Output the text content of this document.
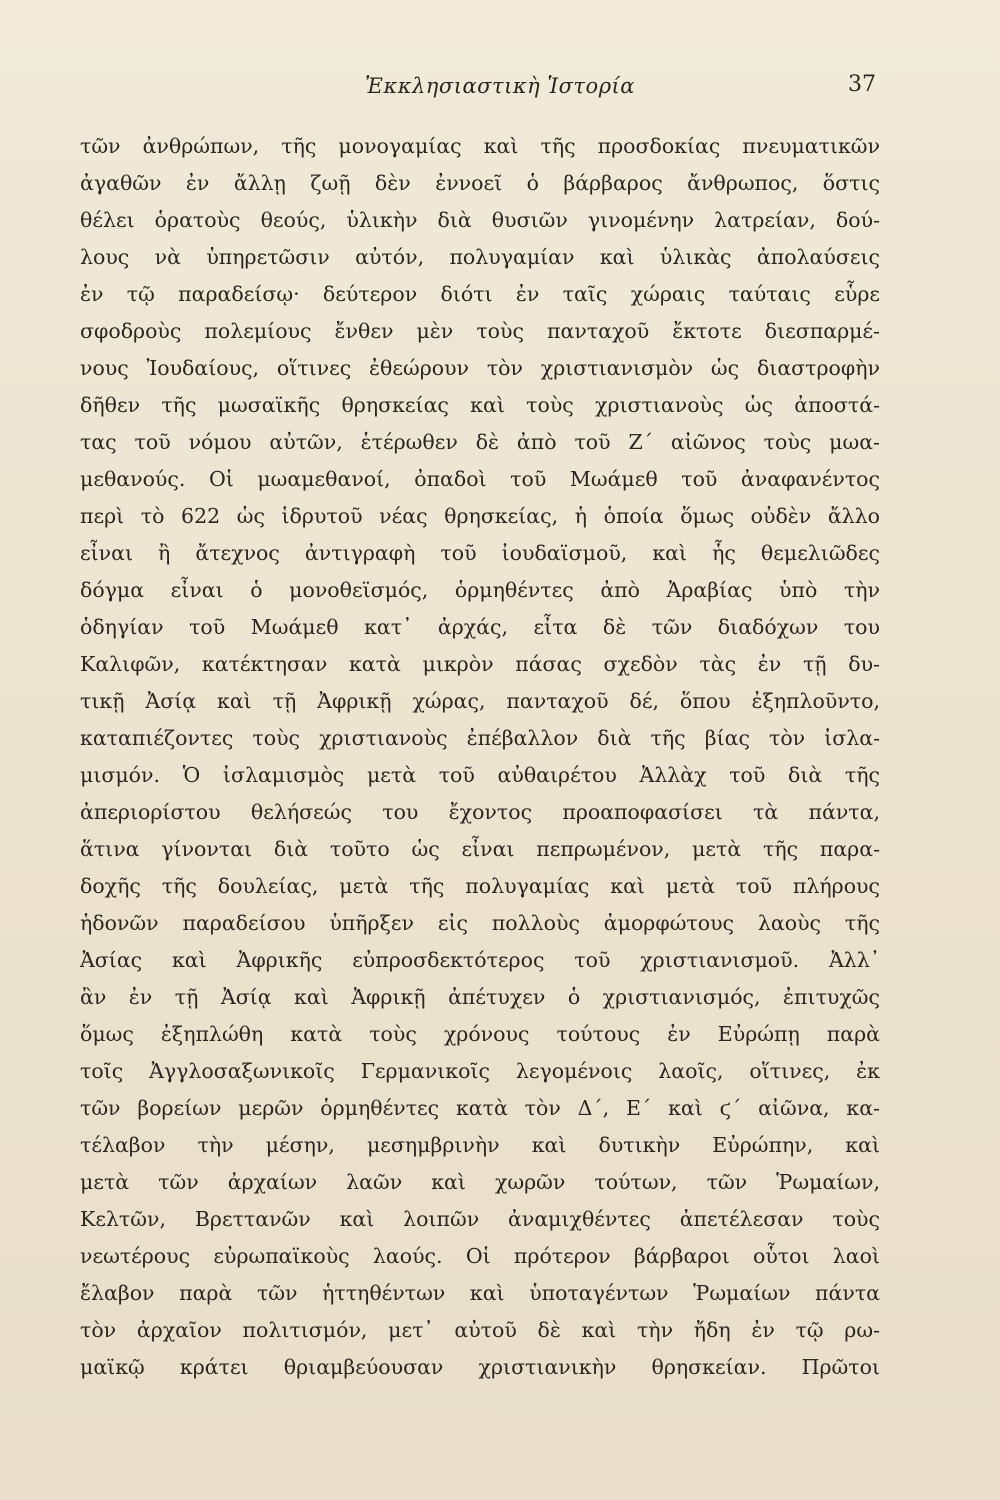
Ἐκκλησιαστικὴ Ἱστορία	37
τῶν ἀνθρώπων, τῆς μονογαμίας καὶ τῆς προσδοκίας πνευματικῶν
ἀγαθῶν ἐν ἄλλῃ ζωῇ δὲν ἐννοεῖ ὁ βάρβαρος ἄνθρωπος, ὅστις
θέλει ὁρατοὺς θεούς, ὑλικὴν διὰ θυσιῶν γινομένην λατρείαν, δού-
λους νὰ ὑπηρετῶσιν αὐτόν, πολυγαμίαν καὶ ὑλικὰς ἀπολαύσεις
ἐν τῷ παραδείσῳ· δεύτερον διότι ἐν ταῖς χώραις ταύταις εὗρε
σφοδροὺς πολεμίους ἔνθεν μὲν τοὺς πανταχοῦ ἔκτοτε διεσπαρμέ-
νους Ἰουδαίους, οἵτινες ἐθεώρουν τὸν χριστιανισμὸν ὡς διαστροφὴν
δῆθεν τῆς μωσαϊκῆς θρησκείας καὶ τοὺς χριστιανοὺς ὡς ἀποστά-
τας τοῦ νόμου αὐτῶν, ἑτέρωθεν δὲ ἀπὸ τοῦ Ζ΄ αἰῶνος τοὺς μωα-
μεθανούς. Οἱ μωαμεθανοί, ὀπαδοὶ τοῦ Μωάμεθ τοῦ ἀναφανέντος
περὶ τὸ 622 ὡς ἱδρυτοῦ νέας θρησκείας, ἡ ὁποία ὅμως οὐδὲν ἄλλο
εἶναι ἢ ἄτεχνος ἀντιγραφὴ τοῦ ἰουδαϊσμοῦ, καὶ ἧς θεμελιῶδες
δόγμα εἶναι ὁ μονοθεϊσμός, ὁρμηθέντες ἀπὸ Ἀραβίας ὑπὸ τὴν
ὁδηγίαν τοῦ Μωάμεθ κατ᾿ ἀρχάς, εἶτα δὲ τῶν διαδόχων του
Καλιφῶν, κατέκτησαν κατὰ μικρὸν πάσας σχεδὸν τὰς ἐν τῇ δυ-
τικῇ Ἀσίᾳ καὶ τῇ Ἀφρικῇ χώρας, πανταχοῦ δέ, ὅπου ἐξηπλοῦντο,
καταπιέζοντες τοὺς χριστιανοὺς ἐπέβαλλον διὰ τῆς βίας τὸν ἰσλα-
μισμόν. Ὁ ἰσλαμισμὸς μετὰ τοῦ αὐθαιρέτου Ἀλλὰχ τοῦ διὰ τῆς
ἀπεριορίστου θελήσεώς του ἔχοντος προαποφασίσει τὰ πάντα,
ἅτινα γίνονται διὰ τοῦτο ὡς εἶναι πεπρωμένον, μετὰ τῆς παρα-
δοχῆς τῆς δουλείας, μετὰ τῆς πολυγαμίας καὶ μετὰ τοῦ πλήρους
ἡδονῶν παραδείσου ὑπῆρξεν εἰς πολλοὺς ἀμορφώτους λαοὺς τῆς
Ἀσίας καὶ Ἀφρικῆς εὐπροσδεκτότερος τοῦ χριστιανισμοῦ. Ἀλλ᾿
ἂν ἐν τῇ Ἀσίᾳ καὶ Ἀφρικῇ ἀπέτυχεν ὁ χριστιανισμός, ἐπιτυχῶς
ὅμως ἐξηπλώθη κατὰ τοὺς χρόνους τούτους ἐν Εὐρώπῃ παρὰ
τοῖς Ἀγγλοσαξωνικοῖς Γερμανικοῖς λεγομένοις λαοῖς, οἵτινες, ἐκ
τῶν βορείων μερῶν ὁρμηθέντες κατὰ τὸν Δ΄, Ε΄ καὶ ϛ΄ αἰῶνα, κα-
τέλαβον τὴν μέσην, μεσημβρινὴν καὶ δυτικὴν Εὐρώπην, καὶ
μετὰ τῶν ἀρχαίων λαῶν καὶ χωρῶν τούτων, τῶν Ῥωμαίων,
Κελτῶν, Βρεττανῶν καὶ λοιπῶν ἀναμιχθέντες ἀπετέλεσαν τοὺς
νεωτέρους εὐρωπαϊκοὺς λαούς. Οἱ πρότερον βάρβαροι οὗτοι λαοὶ
ἔλαβον παρὰ τῶν ἡττηθέντων καὶ ὑποταγέντων Ῥωμαίων πάντα
τὸν ἀρχαῖον πολιτισμόν, μετ᾿ αὐτοῦ δὲ καὶ τὴν ἤδη ἐν τῷ ρω-
μαϊκῷ κράτει θριαμβεύουσαν χριστιανικὴν θρησκείαν. Πρῶτοι
